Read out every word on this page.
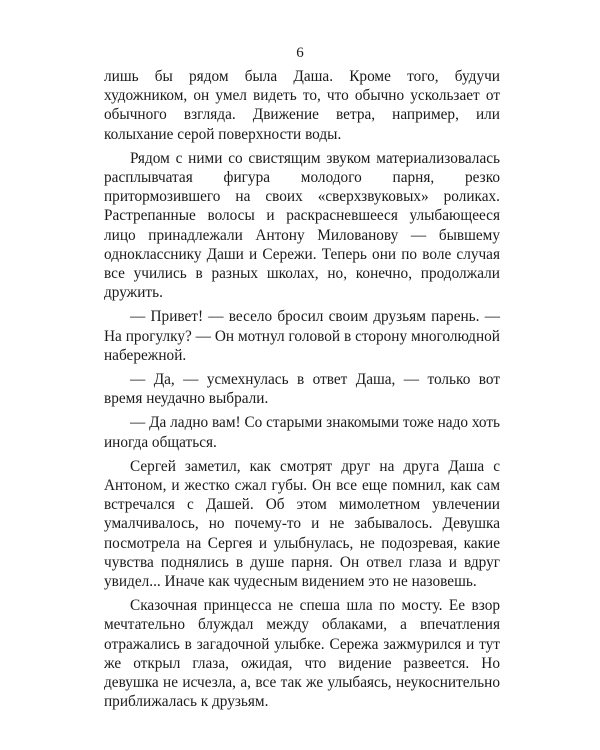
6

лишь бы рядом была Даша. Кроме того, будучи художником, он умел видеть то, что обычно ускользает от обычного взгляда. Движение ветра, например, или колыхание серой поверхности воды.

Рядом с ними со свистящим звуком материализовалась расплывчатая фигура молодого парня, резко притормозившего на своих «сверхзвуковых» роликах. Растрепанные волосы и раскрасневшееся улыбающееся лицо принадлежали Антону Милованову — бывшему однокласснику Даши и Сережи. Теперь они по воле случая все учились в разных школах, но, конечно, продолжали дружить.

— Привет! — весело бросил своим друзьям парень. — На прогулку? — Он мотнул головой в сторону многолюдной набережной.

— Да, — усмехнулась в ответ Даша, — только вот время неудачно выбрали.

— Да ладно вам! Со старыми знакомыми тоже надо хоть иногда общаться.

Сергей заметил, как смотрят друг на друга Даша с Антоном, и жестко сжал губы. Он все еще помнил, как сам встречался с Дашей. Об этом мимолетном увлечении умалчивалось, но почему-то и не забывалось. Девушка посмотрела на Сергея и улыбнулась, не подозревая, какие чувства поднялись в душе парня. Он отвел глаза и вдруг увидел... Иначе как чудесным видением это не назовешь.

Сказочная принцесса не спеша шла по мосту. Ее взор мечтательно блуждал между облаками, а впечатления отражались в загадочной улыбке. Сережа зажмурился и тут же открыл глаза, ожидая, что видение развеется. Но девушка не исчезла, а, все так же улыбаясь, неукоснительно приближалась к друзьям.
